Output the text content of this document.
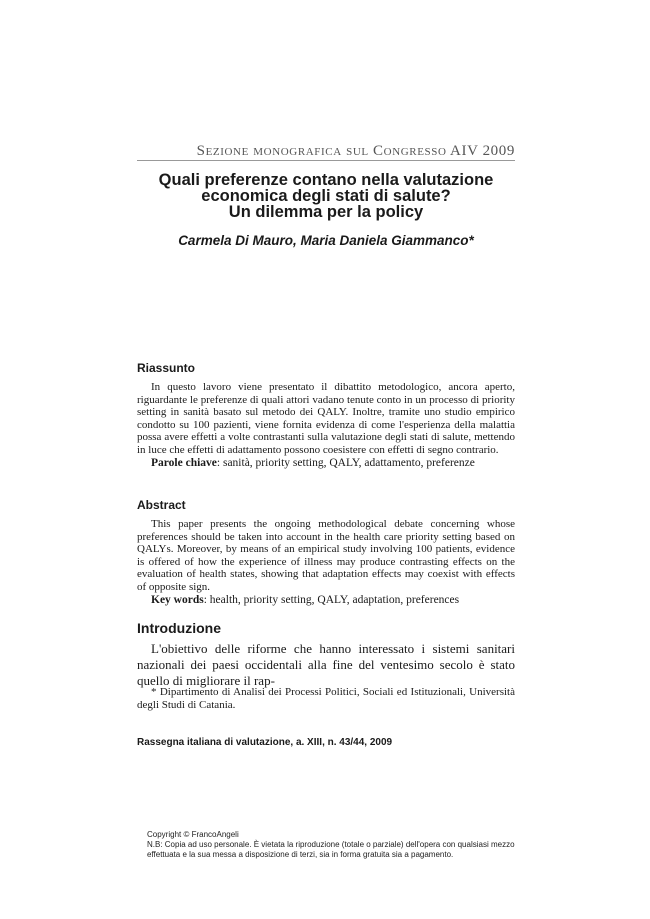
Sezione monografica sul Congresso AIV 2009
Quali preferenze contano nella valutazione
economica degli stati di salute?
Un dilemma per la policy
Carmela Di Mauro, Maria Daniela Giammanco*
Riassunto

In questo lavoro viene presentato il dibattito metodologico, ancora aperto, riguardante le preferenze di quali attori vadano tenute conto in un processo di priority setting in sanità basato sul metodo dei QALY. Inoltre, tramite uno studio empirico condotto su 100 pazienti, viene fornita evidenza di come l'esperienza della malattia possa avere effetti a volte contrastanti sulla valutazione degli stati di salute, mettendo in luce che effetti di adattamento possono coesistere con effetti di segno contrario.

Parole chiave: sanità, priority setting, QALY, adattamento, preferenze

Abstract

This paper presents the ongoing methodological debate concerning whose preferences should be taken into account in the health care priority setting based on QALYs. Moreover, by means of an empirical study involving 100 patients, evidence is offered of how the experience of illness may produce contrasting effects on the evaluation of health states, showing that adaptation effects may coexist with effects of opposite sign.

Key words: health, priority setting, QALY, adaptation, preferences

Introduzione

L'obiettivo delle riforme che hanno interessato i sistemi sanitari nazionali dei paesi occidentali alla fine del ventesimo secolo è stato quello di migliorare il rap-

* Dipartimento di Analisi dei Processi Politici, Sociali ed Istituzionali, Università degli Studi di Catania.

Rassegna italiana di valutazione, a. XIII, n. 43/44, 2009
Copyright © FrancoAngeli
N.B: Copia ad uso personale. È vietata la riproduzione (totale o parziale) dell'opera con qualsiasi mezzo
effettuata e la sua messa a disposizione di terzi, sia in forma gratuita sia a pagamento.
